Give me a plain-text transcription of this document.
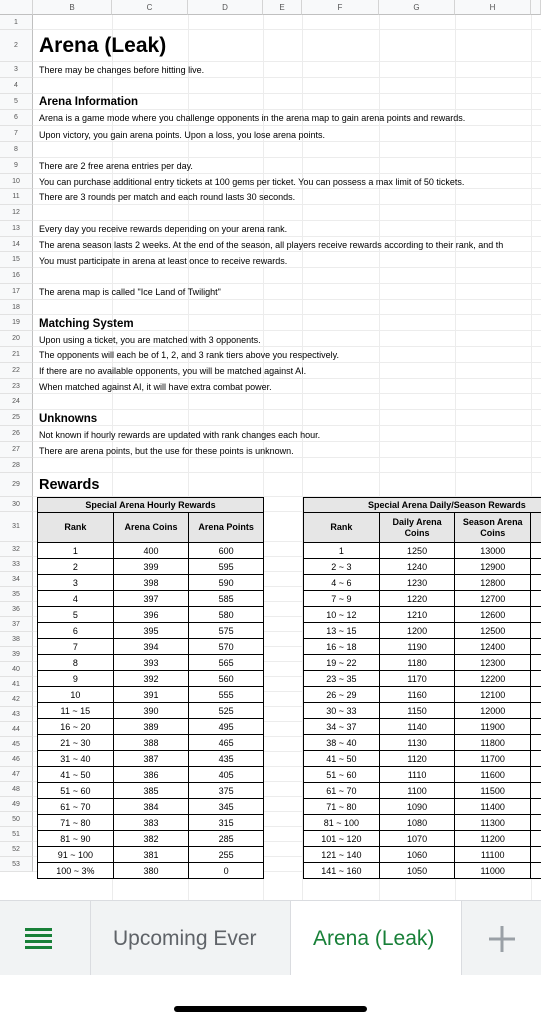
B	C	D	E	F	G	H
1
2
3
4
5
6
7
8
9
10
11
12
13
14
15
16
17
18
19
20
21
22
23
24
25
26
27
28
29
30
31
32
33
34
35
36
37
38
39
40
41
42
43
44
45
46
47
48
49
50
51
52
53
Arena (Leak)
There may be changes before hitting live.
Arena Information
Arena is a game mode where you challenge opponents in the arena map to gain arena points and rewards.
Upon victory, you gain arena points. Upon a loss, you lose arena points.
There are 2 free arena entries per day.
You can purchase additional entry tickets at 100 gems per ticket. You can possess a max limit of 50 tickets.
There are 3 rounds per match and each round lasts 30 seconds.
Every day you receive rewards depending on your arena rank.
The arena season lasts 2 weeks. At the end of the season, all players receive rewards according to their rank, and th
You must participate in arena at least once to receive rewards.
The arena map is called "Ice Land of Twilight"
Matching System
Upon using a ticket, you are matched with 3 opponents.
The opponents will each be of 1, 2, and 3 rank tiers above you respectively.
If there are no available opponents, you will be matched against AI.
When matched against AI, it will have extra combat power.
Unknowns
Not known if hourly rewards are updated with rank changes each hour.
There are arena points, but the use for these points is unknown.
Rewards
Special Arena Hourly Rewards		
Rank	Arena Coins	Arena Points
1	400	600
2	399	595
3	398	590
4	397	585
5	396	580
6	395	575
7	394	570
8	393	565
9	392	560
10	391	555
11 ~ 15	390	525
16 ~ 20	389	495
21 ~ 30	388	465
31 ~ 40	387	435
41 ~ 50	386	405
51 ~ 60	385	375
61 ~ 70	384	345
71 ~ 80	383	315
81 ~ 90	382	285
91 ~ 100	381	255
100 ~ 3%	380	0
Special Arena Daily/Season Rewards			
Rank	Daily Arena Coins	Season Arena Coins	
1	1250	13000	
2 ~ 3	1240	12900	
4 ~ 6	1230	12800	
7 ~ 9	1220	12700	
10 ~ 12	1210	12600	
13 ~ 15	1200	12500	
16 ~ 18	1190	12400	
19 ~ 22	1180	12300	
23 ~ 35	1170	12200	
26 ~ 29	1160	12100	
30 ~ 33	1150	12000	
34 ~ 37	1140	11900	
38 ~ 40	1130	11800	
41 ~ 50	1120	11700	
51 ~ 60	1110	11600	
61 ~ 70	1100	11500	
71 ~ 80	1090	11400	
81 ~ 100	1080	11300	
101 ~ 120	1070	11200	
121 ~ 140	1060	11100	
141 ~ 160	1050	11000	
Upcoming Ever	Arena (Leak)
